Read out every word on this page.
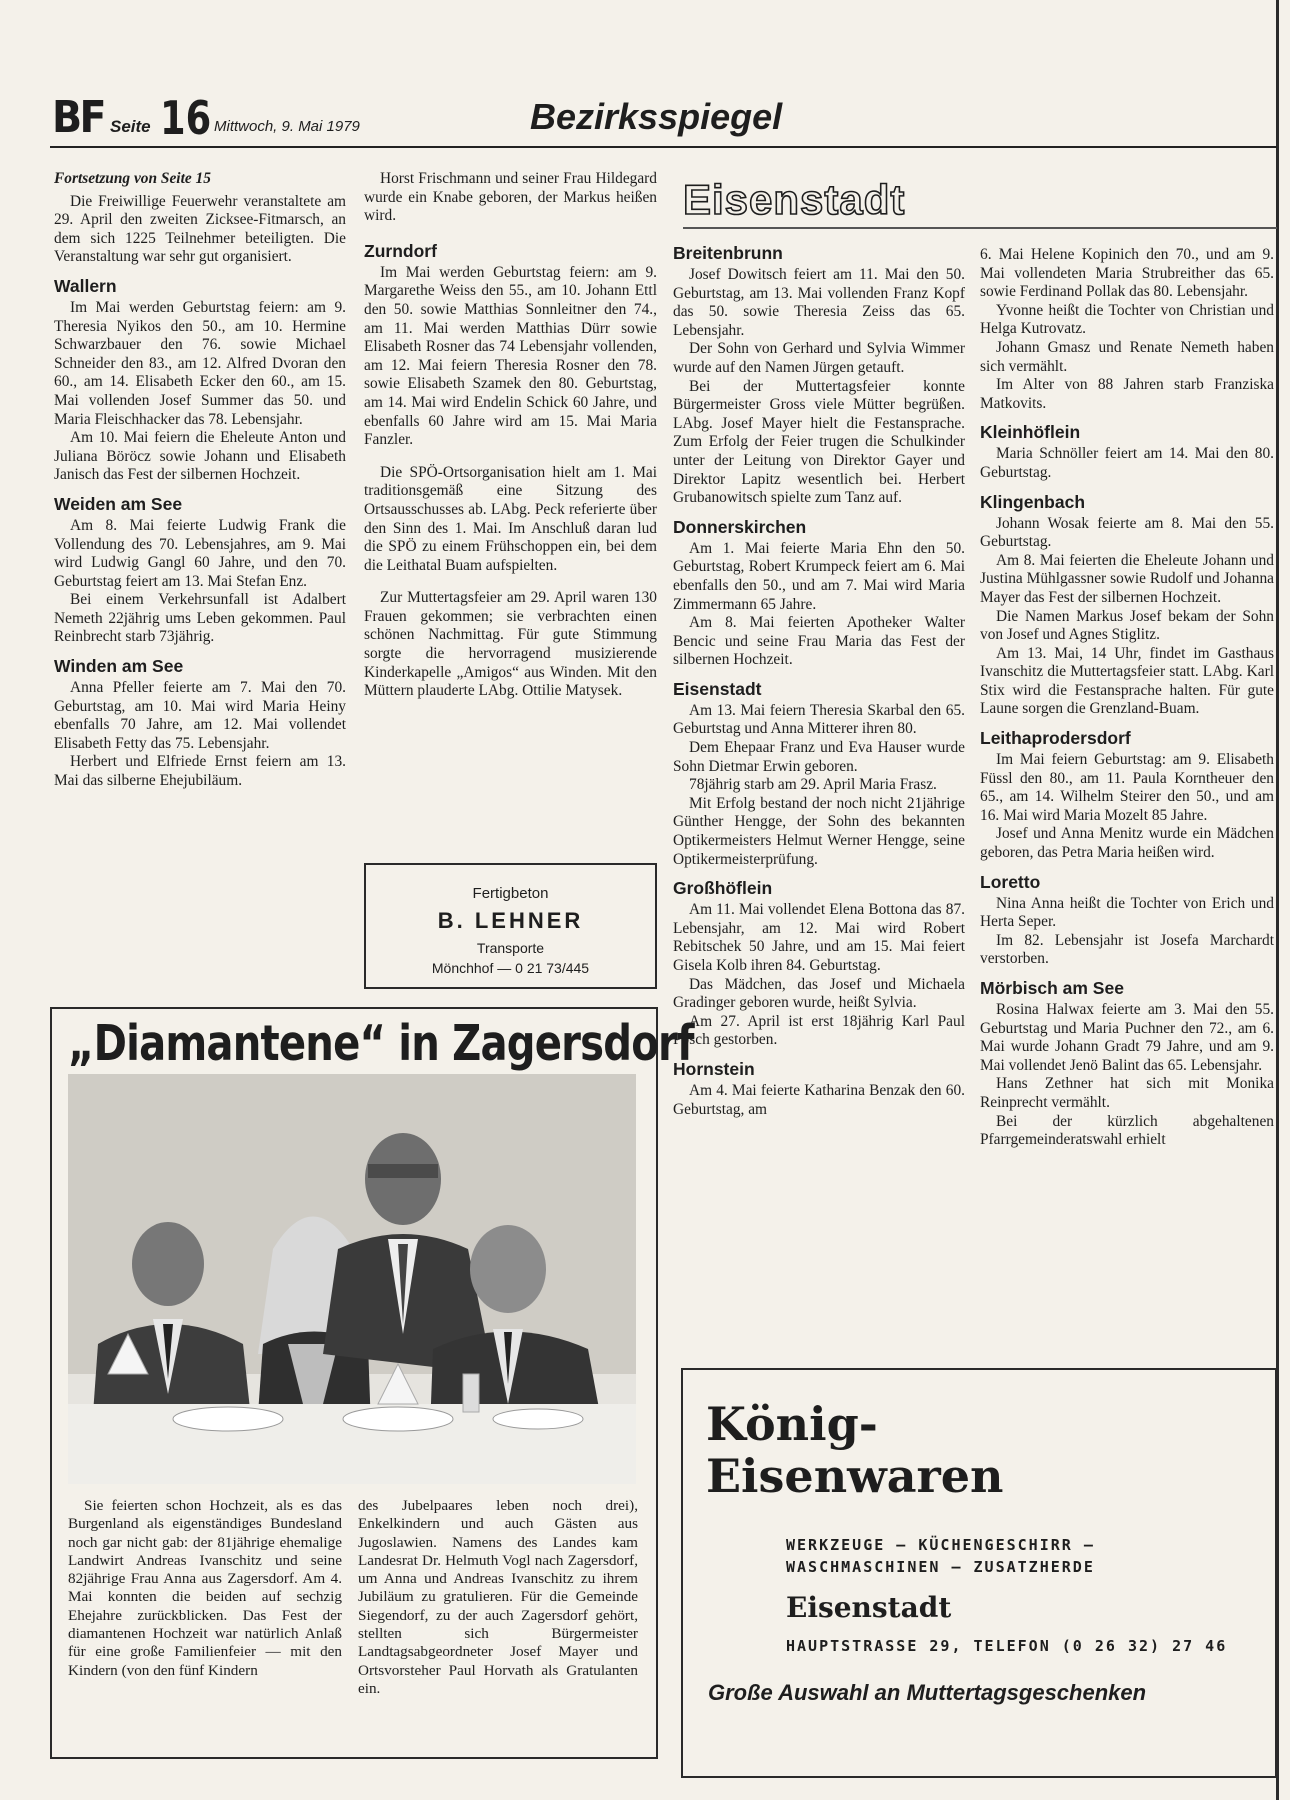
BF Seite 16 Mittwoch, 9. Mai 1979	Bezirksspiegel

Fortsetzung von Seite 15

Die Freiwillige Feuerwehr veranstaltete am 29. April den zweiten Zicksee-Fitmarsch, an dem sich 1225 Teilnehmer beteiligten. Die Veranstaltung war sehr gut organisiert.

Wallern

Im Mai werden Geburtstag feiern: am 9. Theresia Nyikos den 50., am 10. Hermine Schwarzbauer den 76. sowie Michael Schneider den 83., am 12. Alfred Dvoran den 60., am 14. Elisabeth Ecker den 60., am 15. Mai vollenden Josef Summer das 50. und Maria Fleischhacker das 78. Lebensjahr.

Am 10. Mai feiern die Eheleute Anton und Juliana Böröcz sowie Johann und Elisabeth Janisch das Fest der silbernen Hochzeit.

Weiden am See

Am 8. Mai feierte Ludwig Frank die Vollendung des 70. Lebensjahres, am 9. Mai wird Ludwig Gangl 60 Jahre, und den 70. Geburtstag feiert am 13. Mai Stefan Enz.

Bei einem Verkehrsunfall ist Adalbert Nemeth 22jährig ums Leben gekommen. Paul Reinbrecht starb 73jährig.

Winden am See

Anna Pfeller feierte am 7. Mai den 70. Geburtstag, am 10. Mai wird Maria Heiny ebenfalls 70 Jahre, am 12. Mai vollendet Elisabeth Fetty das 75. Lebensjahr.

Herbert und Elfriede Ernst feiern am 13. Mai das silberne Ehejubiläum.

Horst Frischmann und seiner Frau Hildegard wurde ein Knabe geboren, der Markus heißen wird.

Zurndorf

Im Mai werden Geburtstag feiern: am 9. Margarethe Weiss den 55., am 10. Johann Ettl den 50. sowie Matthias Sonnleitner den 74., am 11. Mai werden Matthias Dürr sowie Elisabeth Rosner das 74 Lebensjahr vollenden, am 12. Mai feiern Theresia Rosner den 78. sowie Elisabeth Szamek den 80. Geburtstag, am 14. Mai wird Endelin Schick 60 Jahre, und ebenfalls 60 Jahre wird am 15. Mai Maria Fanzler.

Die SPÖ-Ortsorganisation hielt am 1. Mai traditionsgemäß eine Sitzung des Ortsausschusses ab. LAbg. Peck referierte über den Sinn des 1. Mai. Im Anschluß daran lud die SPÖ zu einem Frühschoppen ein, bei dem die Leithatal Buam aufspielten.

Zur Muttertagsfeier am 29. April waren 130 Frauen gekommen; sie verbrachten einen schönen Nachmittag. Für gute Stimmung sorgte die hervorragend musizierende Kinderkapelle „Amigos“ aus Winden. Mit den Müttern plauderte LAbg. Ottilie Matysek.

Fertigbeton
B. LEHNER
Transporte
Mönchhof — 0 21 73/445
„Diamantene“ in Zagersdorf

Sie feierten schon Hochzeit, als es das Burgenland als eigenständiges Bundesland noch gar nicht gab: der 81jährige ehemalige Landwirt Andreas Ivanschitz und seine 82jährige Frau Anna aus Zagersdorf. Am 4. Mai konnten die beiden auf sechzig Ehejahre zurückblicken. Das Fest der diamantenen Hochzeit war natürlich Anlaß für eine große Familienfeier — mit den Kindern (von den fünf Kindern

des Jubelpaares leben noch drei), Enkelkindern und auch Gästen aus Jugoslawien. Namens des Landes kam Landesrat Dr. Helmuth Vogl nach Zagersdorf, um Anna und Andreas Ivanschitz zu ihrem Jubiläum zu gratulieren. Für die Gemeinde Siegendorf, zu der auch Zagersdorf gehört, stellten sich Bürgermeister Landtagsabgeordneter Josef Mayer und Ortsvorsteher Paul Horvath als Gratulanten ein.

Eisenstadt
Breitenbrunn

Josef Dowitsch feiert am 11. Mai den 50. Geburtstag, am 13. Mai vollenden Franz Kopf das 50. sowie Theresia Zeiss das 65. Lebensjahr.

Der Sohn von Gerhard und Sylvia Wimmer wurde auf den Namen Jürgen getauft.

Bei der Muttertagsfeier konnte Bürgermeister Gross viele Mütter begrüßen. LAbg. Josef Mayer hielt die Festansprache. Zum Erfolg der Feier trugen die Schulkinder unter der Leitung von Direktor Gayer und Direktor Lapitz wesentlich bei. Herbert Grubanowitsch spielte zum Tanz auf.

Donnerskirchen

Am 1. Mai feierte Maria Ehn den 50. Geburtstag, Robert Krumpeck feiert am 6. Mai ebenfalls den 50., und am 7. Mai wird Maria Zimmermann 65 Jahre.

Am 8. Mai feierten Apotheker Walter Bencic und seine Frau Maria das Fest der silbernen Hochzeit.

Eisenstadt

Am 13. Mai feiern Theresia Skarbal den 65. Geburtstag und Anna Mitterer ihren 80.

Dem Ehepaar Franz und Eva Hauser wurde Sohn Dietmar Erwin geboren.

78jährig starb am 29. April Maria Frasz.

Mit Erfolg bestand der noch nicht 21jährige Günther Hengge, der Sohn des bekannten Optikermeisters Helmut Werner Hengge, seine Optikermeisterprüfung.

Großhöflein

Am 11. Mai vollendet Elena Bottona das 87. Lebensjahr, am 12. Mai wird Robert Rebitschek 50 Jahre, und am 15. Mai feiert Gisela Kolb ihren 84. Geburtstag.

Das Mädchen, das Josef und Michaela Gradinger geboren wurde, heißt Sylvia.

Am 27. April ist erst 18jährig Karl Paul Posch gestorben.

Hornstein

Am 4. Mai feierte Katharina Benzak den 60. Geburtstag, am

6. Mai Helene Kopinich den 70., und am 9. Mai vollendeten Maria Strubreither das 65. sowie Ferdinand Pollak das 80. Lebensjahr.

Yvonne heißt die Tochter von Christian und Helga Kutrovatz.

Johann Gmasz und Renate Nemeth haben sich vermählt.

Im Alter von 88 Jahren starb Franziska Matkovits.

Kleinhöflein

Maria Schnöller feiert am 14. Mai den 80. Geburtstag.

Klingenbach

Johann Wosak feierte am 8. Mai den 55. Geburtstag.

Am 8. Mai feierten die Eheleute Johann und Justina Mühlgassner sowie Rudolf und Johanna Mayer das Fest der silbernen Hochzeit.

Die Namen Markus Josef bekam der Sohn von Josef und Agnes Stiglitz.

Am 13. Mai, 14 Uhr, findet im Gasthaus Ivanschitz die Muttertagsfeier statt. LAbg. Karl Stix wird die Festansprache halten. Für gute Laune sorgen die Grenzland-Buam.

Leithaprodersdorf

Im Mai feiern Geburtstag: am 9. Elisabeth Füssl den 80., am 11. Paula Korntheuer den 65., am 14. Wilhelm Steirer den 50., und am 16. Mai wird Maria Mozelt 85 Jahre.

Josef und Anna Menitz wurde ein Mädchen geboren, das Petra Maria heißen wird.

Loretto

Nina Anna heißt die Tochter von Erich und Herta Seper.

Im 82. Lebensjahr ist Josefa Marchardt verstorben.

Mörbisch am See

Rosina Halwax feierte am 3. Mai den 55. Geburtstag und Maria Puchner den 72., am 6. Mai wurde Johann Gradt 79 Jahre, und am 9. Mai vollendet Jenö Balint das 65. Lebensjahr.

Hans Zethner hat sich mit Monika Reinprecht vermählt.

Bei der kürzlich abgehaltenen Pfarrgemeinderatswahl erhielt

König-
Eisenwaren
WERKZEUGE — KÜCHENGESCHIRR —
WASCHMASCHINEN — ZUSATZHERDE
Eisenstadt
HAUPTSTRASSE 29, TELEFON (0 26 32) 27 46
Große Auswahl an Muttertagsgeschenken
